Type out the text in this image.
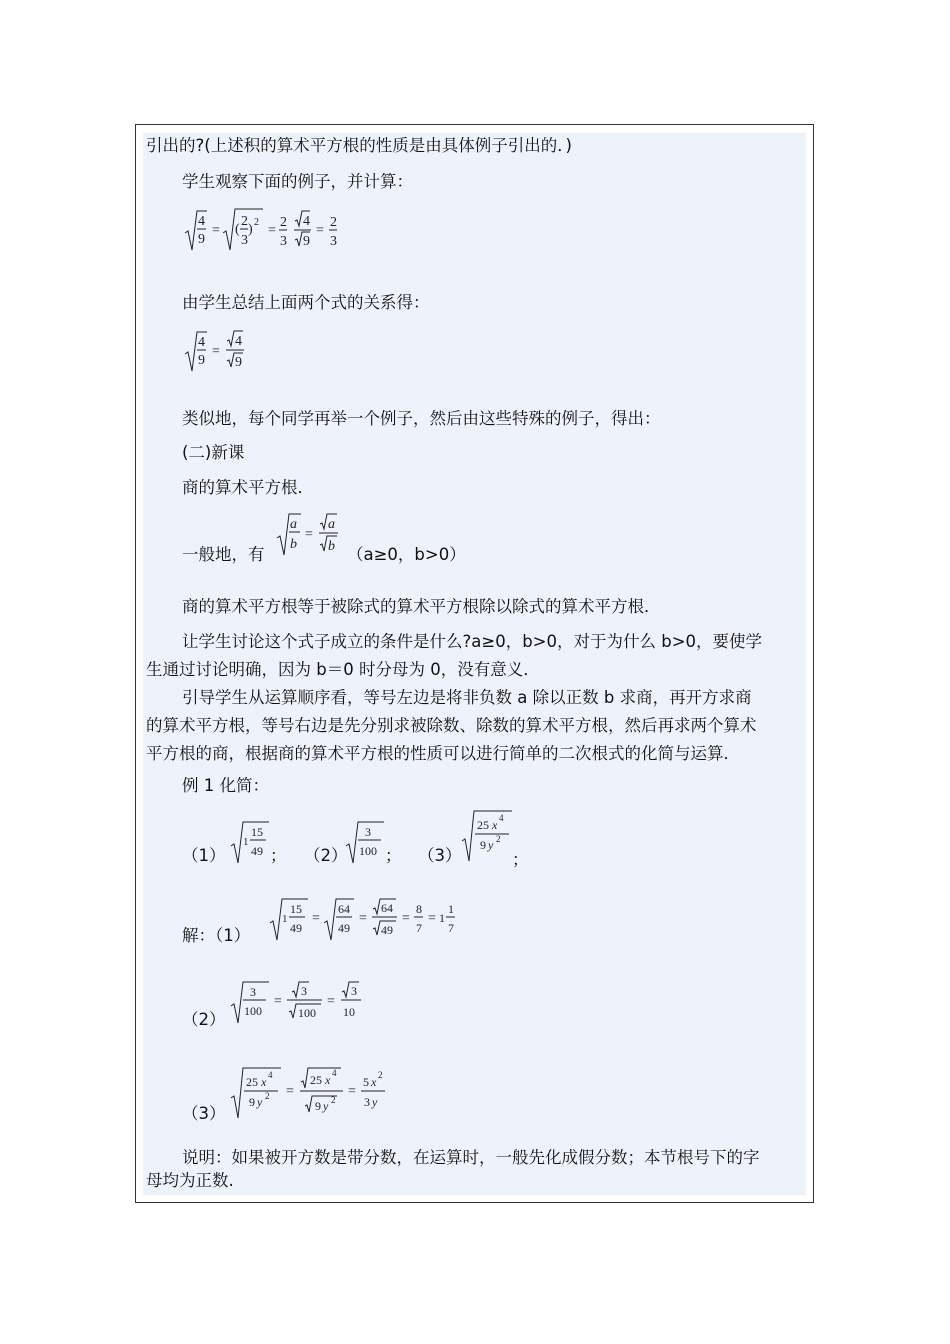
引出的?(上述积的算术平方根的性质是由具体例子引出的．)
学生观察下面的例子，并计算：
4
9
= (
2
3
) 2
=
2
3
4
9
=
2
3
由学生总结上面两个式的关系得：
4
9
=
4
9
类似地，每个同学再举一个例子，然后由这些特殊的例子，得出：
(二)新课
商的算术平方根．
一般地，有
a
b
=
a
b （a≥0，b>0）
商的算术平方根等于被除式的算术平方根除以除式的算术平方根．
让学生讨论这个式子成立的条件是什么?a≥0，b>0，对于为什么 b>0，要使学
生通过讨论明确，因为 b＝0 时分母为 0，没有意义．
引导学生从运算顺序看，等号左边是将非负数 a 除以正数 b 求商，再开方求商
的算术平方根，等号右边是先分别求被除数、除数的算术平方根，然后再求两个算术
平方根的商，根据商的算术平方根的性质可以进行简单的二次根式的化简与运算．
例 1 化简：
（1）
1
15
49 ； （2）
3
100 ； （3）
25 x 4
9 y 2
；
解：（1）
1
15
49
=
64
49
=
64
49
=
8
7
= 1
1
7
（2）
3
100
=
3
100
=
3
10
（3）
25 x 4
9 y 2 =
25 x 4
9 y 2
=
5 x 2
3 y
说明：如果被开方数是带分数，在运算时，一般先化成假分数；本节根号下的字
母均为正数.
